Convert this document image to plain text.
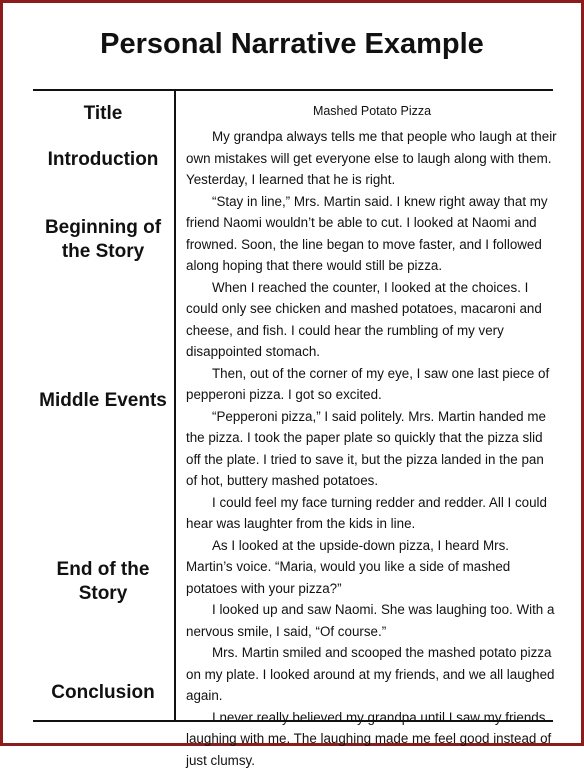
Personal Narrative Example
Title
Introduction
Beginning of the Story
Middle Events
End of the Story
Conclusion
Mashed Potato Pizza

My grandpa always tells me that people who laugh at their own mistakes will get everyone else to laugh along with them. Yesterday, I learned that he is right.

“Stay in line,” Mrs. Martin said. I knew right away that my friend Naomi wouldn’t be able to cut. I looked at Naomi and frowned. Soon, the line began to move faster, and I followed along hoping that there would still be pizza.

When I reached the counter, I looked at the choices. I could only see chicken and mashed potatoes, macaroni and cheese, and fish. I could hear the rumbling of my very disappointed stomach.

Then, out of the corner of my eye, I saw one last piece of pepperoni pizza. I got so excited.

“Pepperoni pizza,” I said politely. Mrs. Martin handed me the pizza. I took the paper plate so quickly that the pizza slid off the plate. I tried to save it, but the pizza landed in the pan of hot, buttery mashed potatoes.

I could feel my face turning redder and redder. All I could hear was laughter from the kids in line.

As I looked at the upside-down pizza, I heard Mrs. Martin’s voice. “Maria, would you like a side of mashed potatoes with your pizza?”

I looked up and saw Naomi. She was laughing too. With a nervous smile, I said, “Of course.”

Mrs. Martin smiled and scooped the mashed potato pizza on my plate. I looked around at my friends, and we all laughed again.

I never really believed my grandpa until I saw my friends laughing with me. The laughing made me feel good instead of just clumsy.
